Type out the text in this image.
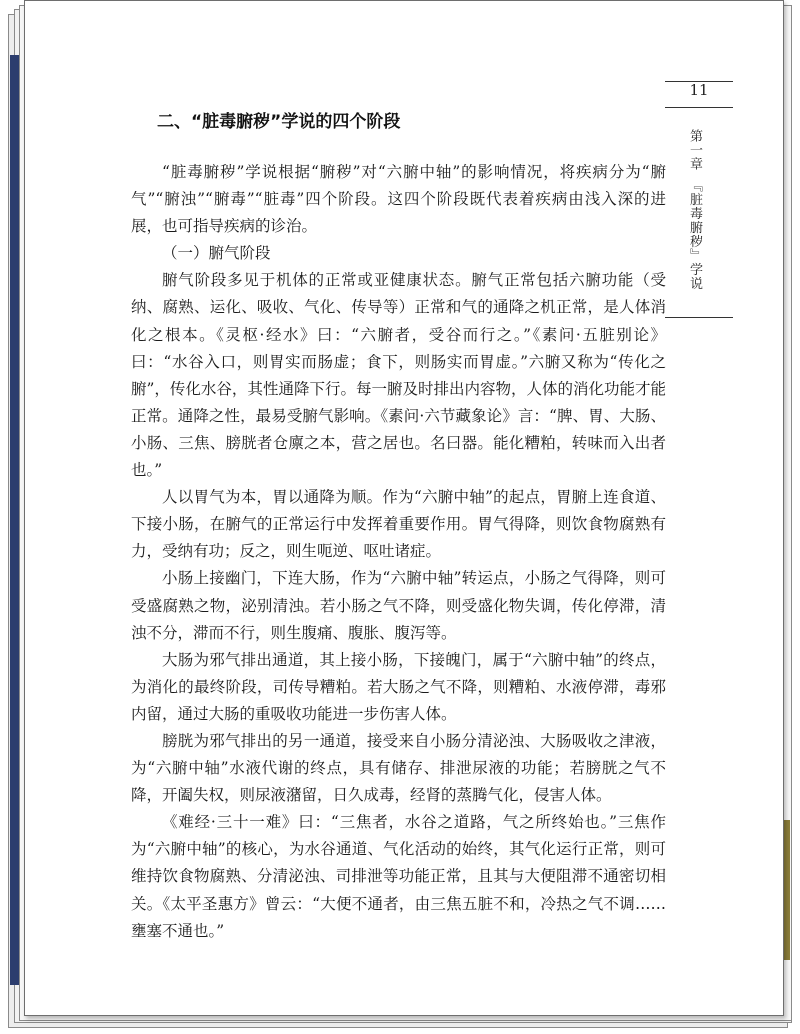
11
第一章　『脏毒腑秽』学说
二、“脏毒腑秽”学说的四个阶段

“脏毒腑秽”学说根据“腑秽”对“六腑中轴”的影响情况，将疾病分为“腑气”“腑浊”“腑毒”“脏毒”四个阶段。这四个阶段既代表着疾病由浅入深的进展，也可指导疾病的诊治。

（一）腑气阶段

腑气阶段多见于机体的正常或亚健康状态。腑气正常包括六腑功能（受纳、腐熟、运化、吸收、气化、传导等）正常和气的通降之机正常，是人体消化之根本。《灵枢·经水》曰：“六腑者，受谷而行之。”《素问·五脏别论》曰：“水谷入口，则胃实而肠虚；食下，则肠实而胃虚。”六腑又称为“传化之腑”，传化水谷，其性通降下行。每一腑及时排出内容物，人体的消化功能才能正常。通降之性，最易受腑气影响。《素问·六节藏象论》言：“脾、胃、大肠、小肠、三焦、膀胱者仓廪之本，营之居也。名曰器。能化糟粕，转味而入出者也。”

人以胃气为本，胃以通降为顺。作为“六腑中轴”的起点，胃腑上连食道、下接小肠，在腑气的正常运行中发挥着重要作用。胃气得降，则饮食物腐熟有力，受纳有功；反之，则生呃逆、呕吐诸症。

小肠上接幽门，下连大肠，作为“六腑中轴”转运点，小肠之气得降，则可受盛腐熟之物，泌别清浊。若小肠之气不降，则受盛化物失调，传化停滞，清浊不分，滞而不行，则生腹痛、腹胀、腹泻等。

大肠为邪气排出通道，其上接小肠，下接魄门，属于“六腑中轴”的终点，为消化的最终阶段，司传导糟粕。若大肠之气不降，则糟粕、水液停滞，毒邪内留，通过大肠的重吸收功能进一步伤害人体。

膀胱为邪气排出的另一通道，接受来自小肠分清泌浊、大肠吸收之津液，为“六腑中轴”水液代谢的终点，具有储存、排泄尿液的功能；若膀胱之气不降，开阖失权，则尿液潴留，日久成毒，经肾的蒸腾气化，侵害人体。

《难经·三十一难》曰：“三焦者，水谷之道路，气之所终始也。”三焦作为“六腑中轴”的核心，为水谷通道、气化活动的始终，其气化运行正常，则可维持饮食物腐熟、分清泌浊、司排泄等功能正常，且其与大便阻滞不通密切相关。《太平圣惠方》曾云：“大便不通者，由三焦五脏不和，冷热之气不调……壅塞不通也。”
